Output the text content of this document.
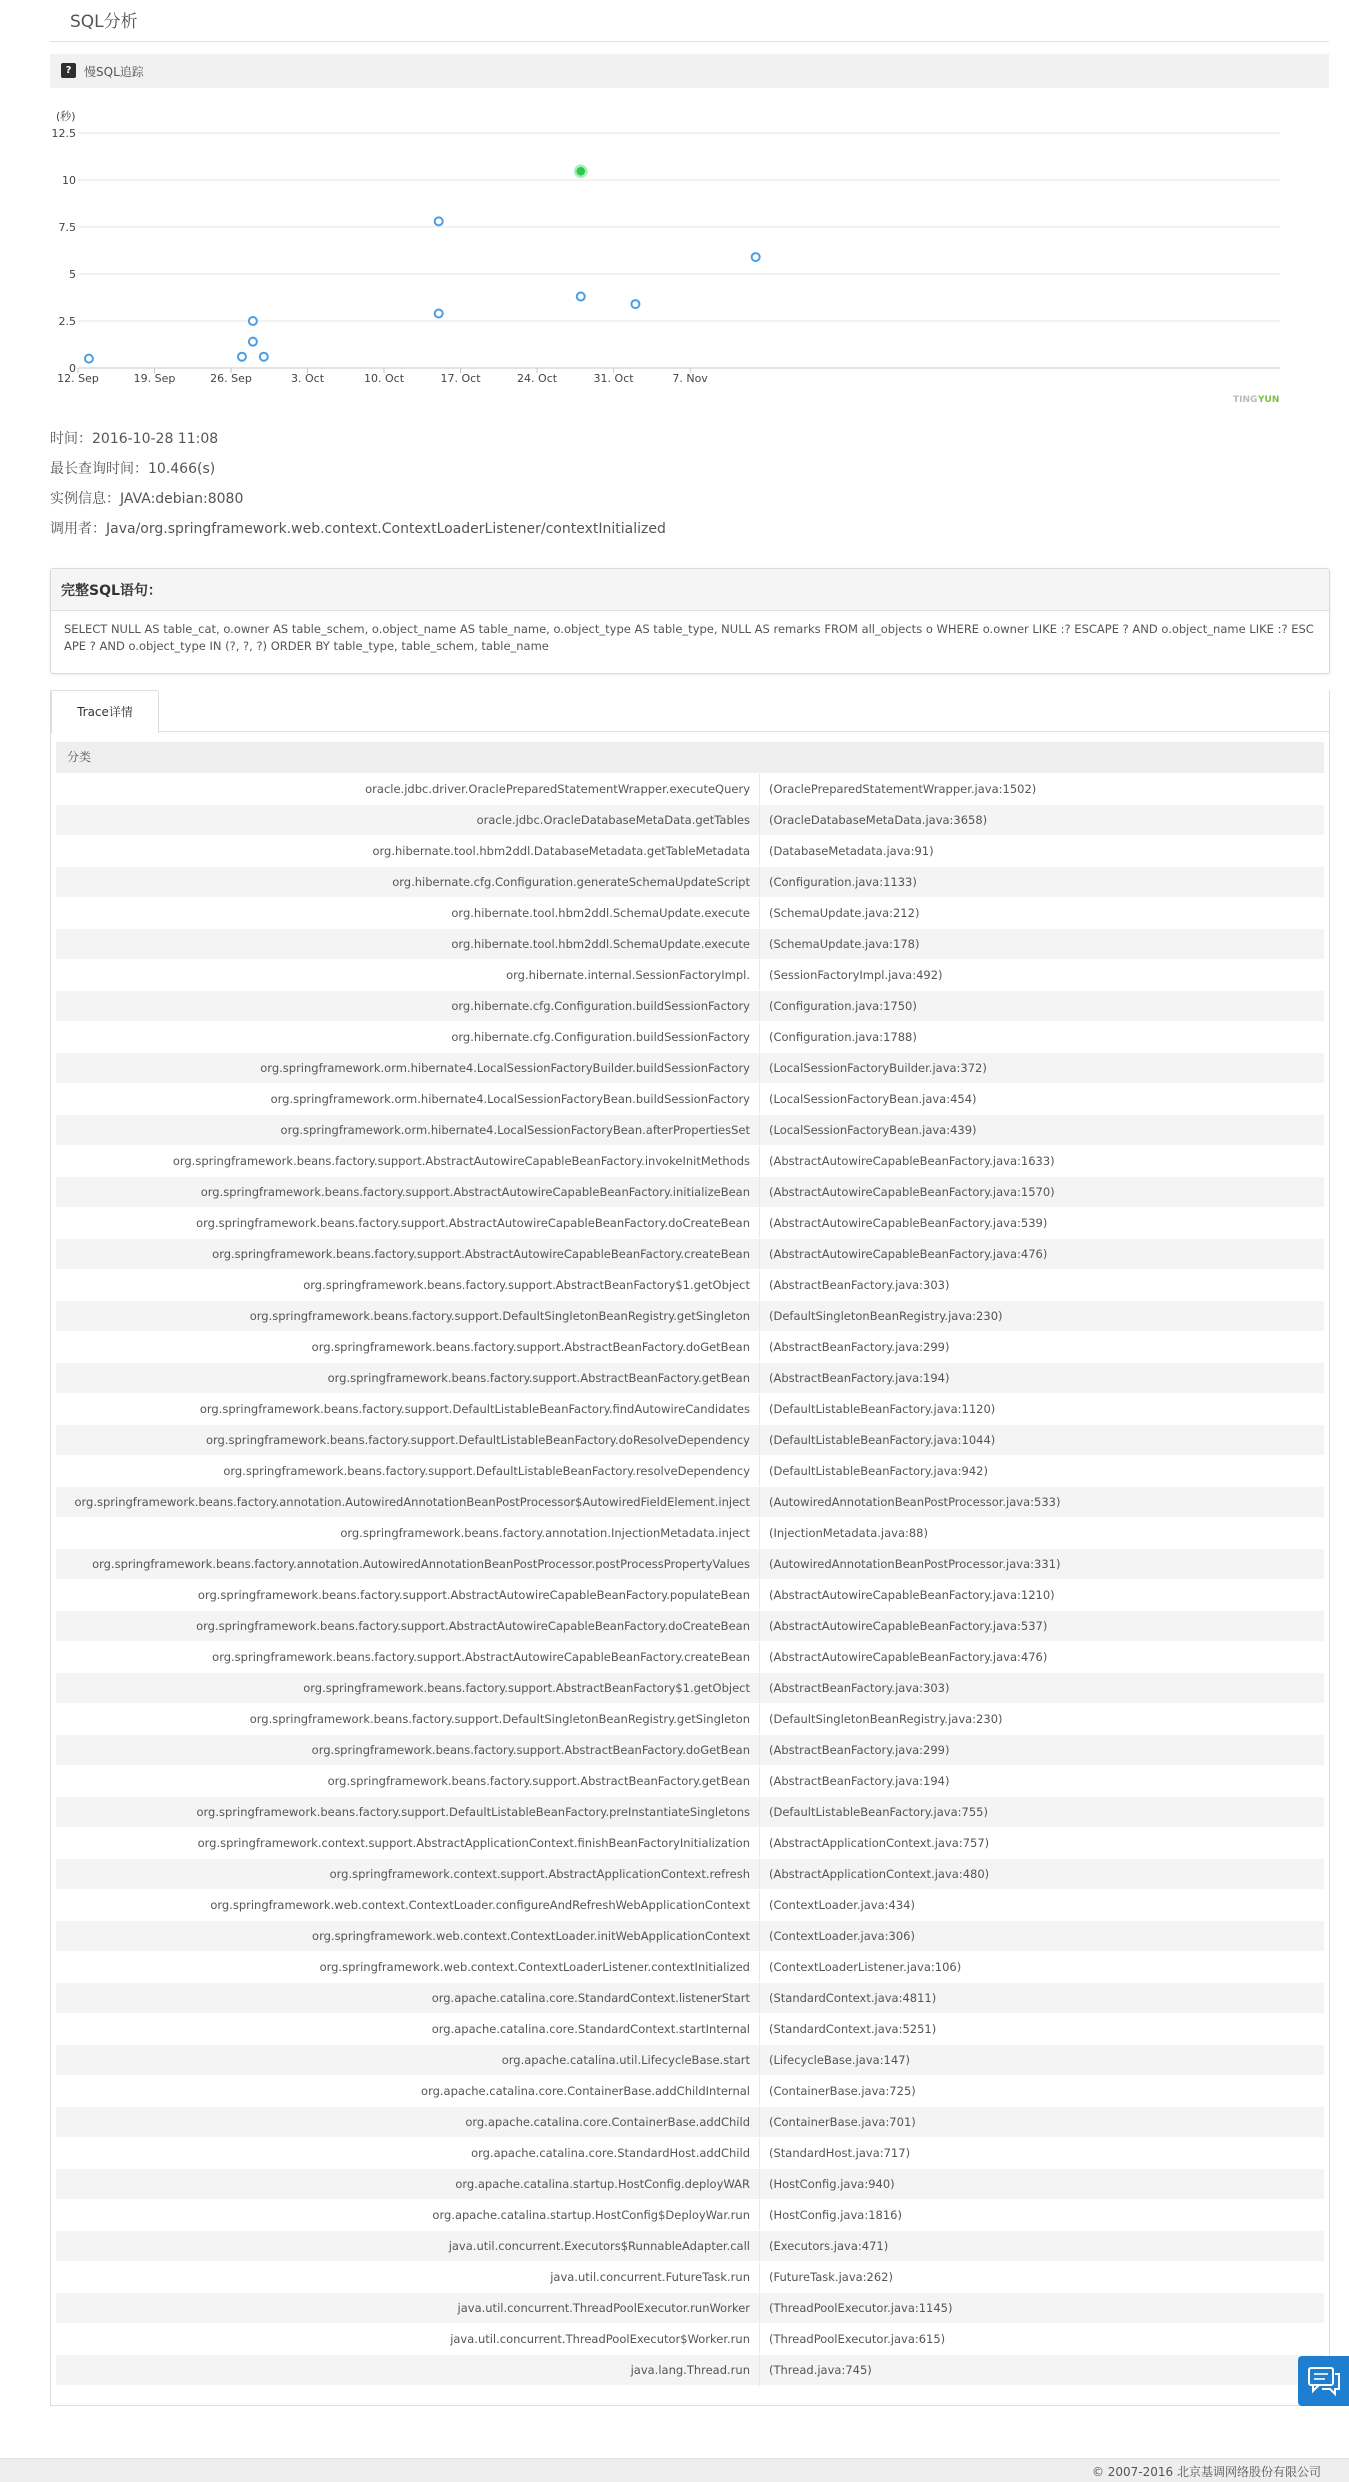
SQL分析
?	慢SQL追踪
0
2.5
5
7.5
10
12.5
12. Sep	19. Sep	26. Sep	3. Oct	10. Oct	17. Oct	24. Oct	31. Oct	7. Nov
(秒)
TING YUN
时间：2016-10-28 11:08
最长查询时间：10.466(s)
实例信息：JAVA:debian:8080
调用者：Java/org.springframework.web.context.ContextLoaderListener/contextInitialized
完整SQL语句：
SELECT NULL AS table_cat, o.owner AS table_schem, o.object_name AS table_name, o.object_type AS table_type, NULL AS remarks FROM all_objects o WHERE o.owner LIKE :? ESCAPE ? AND o.object_name LIKE :? ESCAPE ? AND o.object_type IN (?, ?, ?) ORDER BY table_type, table_schem, table_name
Trace详情
分类
oracle.jdbc.driver.OraclePreparedStatementWrapper.executeQuery (OraclePreparedStatementWrapper.java:1502)
oracle.jdbc.OracleDatabaseMetaData.getTables (OracleDatabaseMetaData.java:3658)
org.hibernate.tool.hbm2ddl.DatabaseMetadata.getTableMetadata (DatabaseMetadata.java:91)
org.hibernate.cfg.Configuration.generateSchemaUpdateScript (Configuration.java:1133)
org.hibernate.tool.hbm2ddl.SchemaUpdate.execute (SchemaUpdate.java:212)
org.hibernate.tool.hbm2ddl.SchemaUpdate.execute (SchemaUpdate.java:178)
org.hibernate.internal.SessionFactoryImpl. (SessionFactoryImpl.java:492)
org.hibernate.cfg.Configuration.buildSessionFactory (Configuration.java:1750)
org.hibernate.cfg.Configuration.buildSessionFactory (Configuration.java:1788)
org.springframework.orm.hibernate4.LocalSessionFactoryBuilder.buildSessionFactory (LocalSessionFactoryBuilder.java:372)
org.springframework.orm.hibernate4.LocalSessionFactoryBean.buildSessionFactory (LocalSessionFactoryBean.java:454)
org.springframework.orm.hibernate4.LocalSessionFactoryBean.afterPropertiesSet (LocalSessionFactoryBean.java:439)
org.springframework.beans.factory.support.AbstractAutowireCapableBeanFactory.invokeInitMethods (AbstractAutowireCapableBeanFactory.java:1633)
org.springframework.beans.factory.support.AbstractAutowireCapableBeanFactory.initializeBean (AbstractAutowireCapableBeanFactory.java:1570)
org.springframework.beans.factory.support.AbstractAutowireCapableBeanFactory.doCreateBean (AbstractAutowireCapableBeanFactory.java:539)
org.springframework.beans.factory.support.AbstractAutowireCapableBeanFactory.createBean (AbstractAutowireCapableBeanFactory.java:476)
org.springframework.beans.factory.support.AbstractBeanFactory$1.getObject (AbstractBeanFactory.java:303)
org.springframework.beans.factory.support.DefaultSingletonBeanRegistry.getSingleton (DefaultSingletonBeanRegistry.java:230)
org.springframework.beans.factory.support.AbstractBeanFactory.doGetBean (AbstractBeanFactory.java:299)
org.springframework.beans.factory.support.AbstractBeanFactory.getBean (AbstractBeanFactory.java:194)
org.springframework.beans.factory.support.DefaultListableBeanFactory.findAutowireCandidates (DefaultListableBeanFactory.java:1120)
org.springframework.beans.factory.support.DefaultListableBeanFactory.doResolveDependency (DefaultListableBeanFactory.java:1044)
org.springframework.beans.factory.support.DefaultListableBeanFactory.resolveDependency (DefaultListableBeanFactory.java:942)
org.springframework.beans.factory.annotation.AutowiredAnnotationBeanPostProcessor$AutowiredFieldElement.inject (AutowiredAnnotationBeanPostProcessor.java:533)
org.springframework.beans.factory.annotation.InjectionMetadata.inject (InjectionMetadata.java:88)
org.springframework.beans.factory.annotation.AutowiredAnnotationBeanPostProcessor.postProcessPropertyValues (AutowiredAnnotationBeanPostProcessor.java:331)
org.springframework.beans.factory.support.AbstractAutowireCapableBeanFactory.populateBean (AbstractAutowireCapableBeanFactory.java:1210)
org.springframework.beans.factory.support.AbstractAutowireCapableBeanFactory.doCreateBean (AbstractAutowireCapableBeanFactory.java:537)
org.springframework.beans.factory.support.AbstractAutowireCapableBeanFactory.createBean (AbstractAutowireCapableBeanFactory.java:476)
org.springframework.beans.factory.support.AbstractBeanFactory$1.getObject (AbstractBeanFactory.java:303)
org.springframework.beans.factory.support.DefaultSingletonBeanRegistry.getSingleton (DefaultSingletonBeanRegistry.java:230)
org.springframework.beans.factory.support.AbstractBeanFactory.doGetBean (AbstractBeanFactory.java:299)
org.springframework.beans.factory.support.AbstractBeanFactory.getBean (AbstractBeanFactory.java:194)
org.springframework.beans.factory.support.DefaultListableBeanFactory.preInstantiateSingletons (DefaultListableBeanFactory.java:755)
org.springframework.context.support.AbstractApplicationContext.finishBeanFactoryInitialization (AbstractApplicationContext.java:757)
org.springframework.context.support.AbstractApplicationContext.refresh (AbstractApplicationContext.java:480)
org.springframework.web.context.ContextLoader.configureAndRefreshWebApplicationContext (ContextLoader.java:434)
org.springframework.web.context.ContextLoader.initWebApplicationContext (ContextLoader.java:306)
org.springframework.web.context.ContextLoaderListener.contextInitialized (ContextLoaderListener.java:106)
org.apache.catalina.core.StandardContext.listenerStart (StandardContext.java:4811)
org.apache.catalina.core.StandardContext.startInternal (StandardContext.java:5251)
org.apache.catalina.util.LifecycleBase.start (LifecycleBase.java:147)
org.apache.catalina.core.ContainerBase.addChildInternal (ContainerBase.java:725)
org.apache.catalina.core.ContainerBase.addChild (ContainerBase.java:701)
org.apache.catalina.core.StandardHost.addChild (StandardHost.java:717)
org.apache.catalina.startup.HostConfig.deployWAR (HostConfig.java:940)
org.apache.catalina.startup.HostConfig$DeployWar.run (HostConfig.java:1816)
java.util.concurrent.Executors$RunnableAdapter.call (Executors.java:471)
java.util.concurrent.FutureTask.run (FutureTask.java:262)
java.util.concurrent.ThreadPoolExecutor.runWorker (ThreadPoolExecutor.java:1145)
java.util.concurrent.ThreadPoolExecutor$Worker.run (ThreadPoolExecutor.java:615)
java.lang.Thread.run (Thread.java:745)
© 2007-2016 北京基调网络股份有限公司
